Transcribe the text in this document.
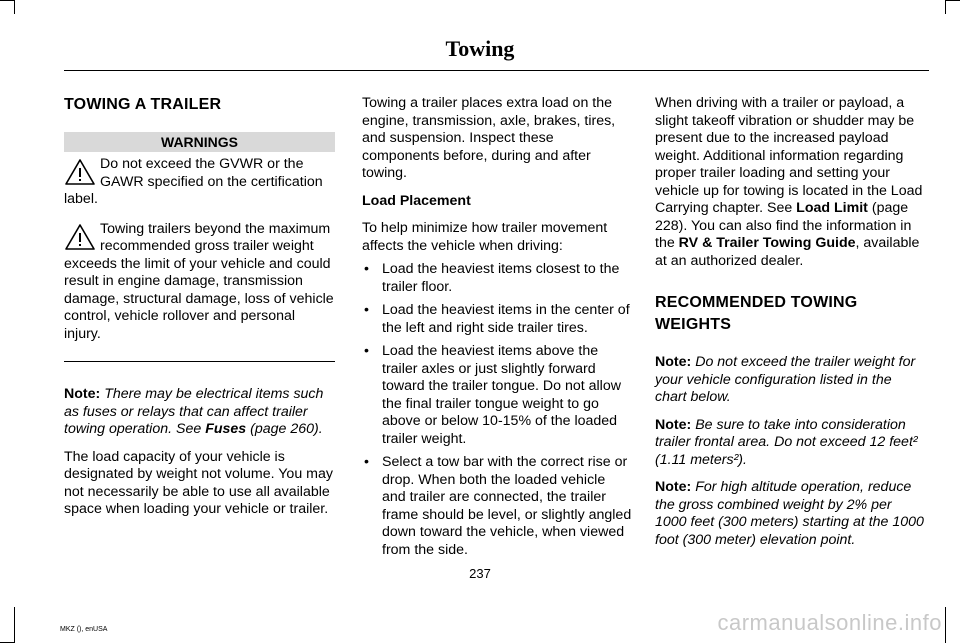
Towing
TOWING A TRAILER
WARNINGS
Do not exceed the GVWR or the GAWR specified on the certification label.
Towing trailers beyond the maximum recommended gross trailer weight exceeds the limit of your vehicle and could result in engine damage, transmission damage, structural damage, loss of vehicle control, vehicle rollover and personal injury.

Note: There may be electrical items such as fuses or relays that can affect trailer towing operation. See Fuses (page 260).

The load capacity of your vehicle is designated by weight not volume. You may not necessarily be able to use all available space when loading your vehicle or trailer.

Towing a trailer places extra load on the engine, transmission, axle, brakes, tires, and suspension. Inspect these components before, during and after towing.

Load Placement

To help minimize how trailer movement affects the vehicle when driving:

• Load the heaviest items closest to the trailer floor.
• Load the heaviest items in the center of the left and right side trailer tires.
• Load the heaviest items above the trailer axles or just slightly forward toward the trailer tongue. Do not allow the final trailer tongue weight to go above or below 10-15% of the loaded trailer weight.
• Select a tow bar with the correct rise or drop. When both the loaded vehicle and trailer are connected, the trailer frame should be level, or slightly angled down toward the vehicle, when viewed from the side.

When driving with a trailer or payload, a slight takeoff vibration or shudder may be present due to the increased payload weight. Additional information regarding proper trailer loading and setting your vehicle up for towing is located in the Load Carrying chapter. See Load Limit (page 228). You can also find the information in the RV & Trailer Towing Guide, available at an authorized dealer.

RECOMMENDED TOWING
WEIGHTS

Note: Do not exceed the trailer weight for your vehicle configuration listed in the chart below.

Note: Be sure to take into consideration trailer frontal area. Do not exceed 12 feet² (1.11 meters²).

Note: For high altitude operation, reduce the gross combined weight by 2% per 1000 feet (300 meters) starting at the 1000 foot (300 meter) elevation point.

237
MKZ (), enUSA	carmanualsonline.info
